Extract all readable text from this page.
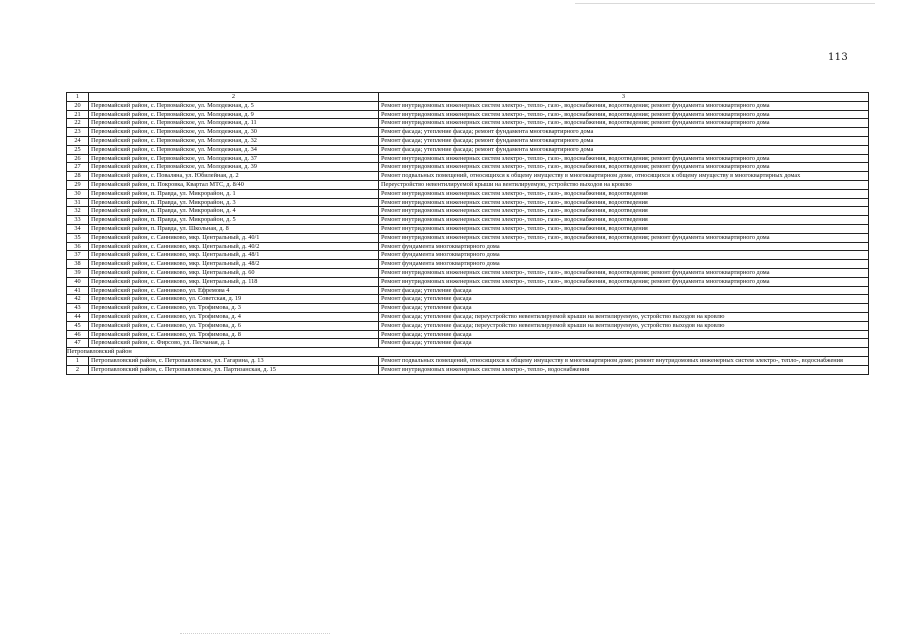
113
1	2	3
20	Первомайский район, с. Первомайское, ул. Молодежная, д. 5	Ремонт внутридомовых инженерных систем электро-, тепло-, газо-, водоснабжения, водоотведения; ремонт фундамента многоквартирного дома
21	Первомайский район, с. Первомайское, ул. Молодежная, д. 9	Ремонт внутридомовых инженерных систем электро-, тепло-, газо-, водоснабжения, водоотведения; ремонт фундамента многоквартирного дома
22	Первомайский район, с. Первомайское, ул. Молодежная, д. 11	Ремонт внутридомовых инженерных систем электро-, тепло-, газо-, водоснабжения, водоотведения; ремонт фундамента многоквартирного дома
23	Первомайский район, с. Первомайское, ул. Молодежная, д. 30	Ремонт фасада; утепление фасада; ремонт фундамента многоквартирного дома
24	Первомайский район, с. Первомайское, ул. Молодежная, д. 32	Ремонт фасада; утепление фасада; ремонт фундамента многоквартирного дома
25	Первомайский район, с. Первомайское, ул. Молодежная, д. 34	Ремонт фасада; утепление фасада; ремонт фундамента многоквартирного дома
26	Первомайский район, с. Первомайское, ул. Молодежная, д. 37	Ремонт внутридомовых инженерных систем электро-, тепло-, газо-, водоснабжения, водоотведения; ремонт фундамента многоквартирного дома
27	Первомайский район, с. Первомайское, ул. Молодежная, д. 39	Ремонт внутридомовых инженерных систем электро-, тепло-, газо-, водоснабжения, водоотведения; ремонт фундамента многоквартирного дома
28	Первомайский район, с. Поваляна, ул. Юбилейная, д. 2	Ремонт подвальных помещений, относящихся к общему имуществу в многоквартирном доме, относящихся к общему имуществу в многоквартирных домах
29	Первомайский район, п. Покровка, Квартал МТС, д. 8/40	Переустройство невентилируемой крыши на вентилируемую, устройство выходов на кровлю
30	Первомайский район, п. Правда, ул. Микрорайон, д. 1	Ремонт внутридомовых инженерных систем электро-, тепло-, газо-, водоснабжения, водоотведения
31	Первомайский район, п. Правда, ул. Микрорайон, д. 3	Ремонт внутридомовых инженерных систем электро-, тепло-, газо-, водоснабжения, водоотведения
32	Первомайский район, п. Правда, ул. Микрорайон, д. 4	Ремонт внутридомовых инженерных систем электро-, тепло-, газо-, водоснабжения, водоотведения
33	Первомайский район, п. Правда, ул. Микрорайон, д. 5	Ремонт внутридомовых инженерных систем электро-, тепло-, газо-, водоснабжения, водоотведения
34	Первомайский район, п. Правда, ул. Школьная, д. 8	Ремонт внутридомовых инженерных систем электро-, тепло-, газо-, водоснабжения, водоотведения
35	Первомайский район, с. Санниково, мкр. Центральный, д. 40/1	Ремонт внутридомовых инженерных систем электро-, тепло-, газо-, водоснабжения, водоотведения; ремонт фундамента многоквартирного дома
36	Первомайский район, с. Санниково, мкр. Центральный, д. 40/2	Ремонт фундамента многоквартирного дома
37	Первомайский район, с. Санниково, мкр. Центральный, д. 48/1	Ремонт фундамента многоквартирного дома
38	Первомайский район, с. Санниково, мкр. Центральный, д. 48/2	Ремонт фундамента многоквартирного дома
39	Первомайский район, с. Санниково, мкр. Центральный, д. 60	Ремонт внутридомовых инженерных систем электро-, тепло-, газо-, водоснабжения, водоотведения; ремонт фундамента многоквартирного дома
40	Первомайский район, с. Санниково, мкр. Центральный, д. 118	Ремонт внутридомовых инженерных систем электро-, тепло-, газо-, водоснабжения, водоотведения; ремонт фундамента многоквартирного дома
41	Первомайский район, с. Санниково, ул. Ефремова 4	Ремонт фасада; утепление фасада
42	Первомайский район, с. Санниково, ул. Советская, д. 19	Ремонт фасада; утепление фасада
43	Первомайский район, с. Санниково, ул. Трофимова, д. 3	Ремонт фасада; утепление фасада
44	Первомайский район, с. Санниково, ул. Трофимова, д. 4	Ремонт фасада; утепление фасада; переустройство невентилируемой крыши на вентилируемую, устройство выходов на кровлю
45	Первомайский район, с. Санниково, ул. Трофимова, д. 6	Ремонт фасада; утепление фасада; переустройство невентилируемой крыши на вентилируемую, устройство выходов на кровлю
46	Первомайский район, с. Санниково, ул. Трофимова, д. 8	Ремонт фасада; утепление фасада
47	Первомайский район, с. Фирсово, ул. Песчаная, д. 1	Ремонт фасада; утепление фасада
Петропавловский район		
1	Петропавловский район, с. Петропавловское, ул. Гагарина, д. 13	Ремонт подвальных помещений, относящихся к общему имуществу в многоквартирном доме; ремонт внутридомовых инженерных систем электро-, тепло-, водоснабжения
2	Петропавловский район, с. Петропавловское, ул. Партизанская, д. 15	Ремонт внутридомовых инженерных систем электро-, тепло-, водоснабжения
